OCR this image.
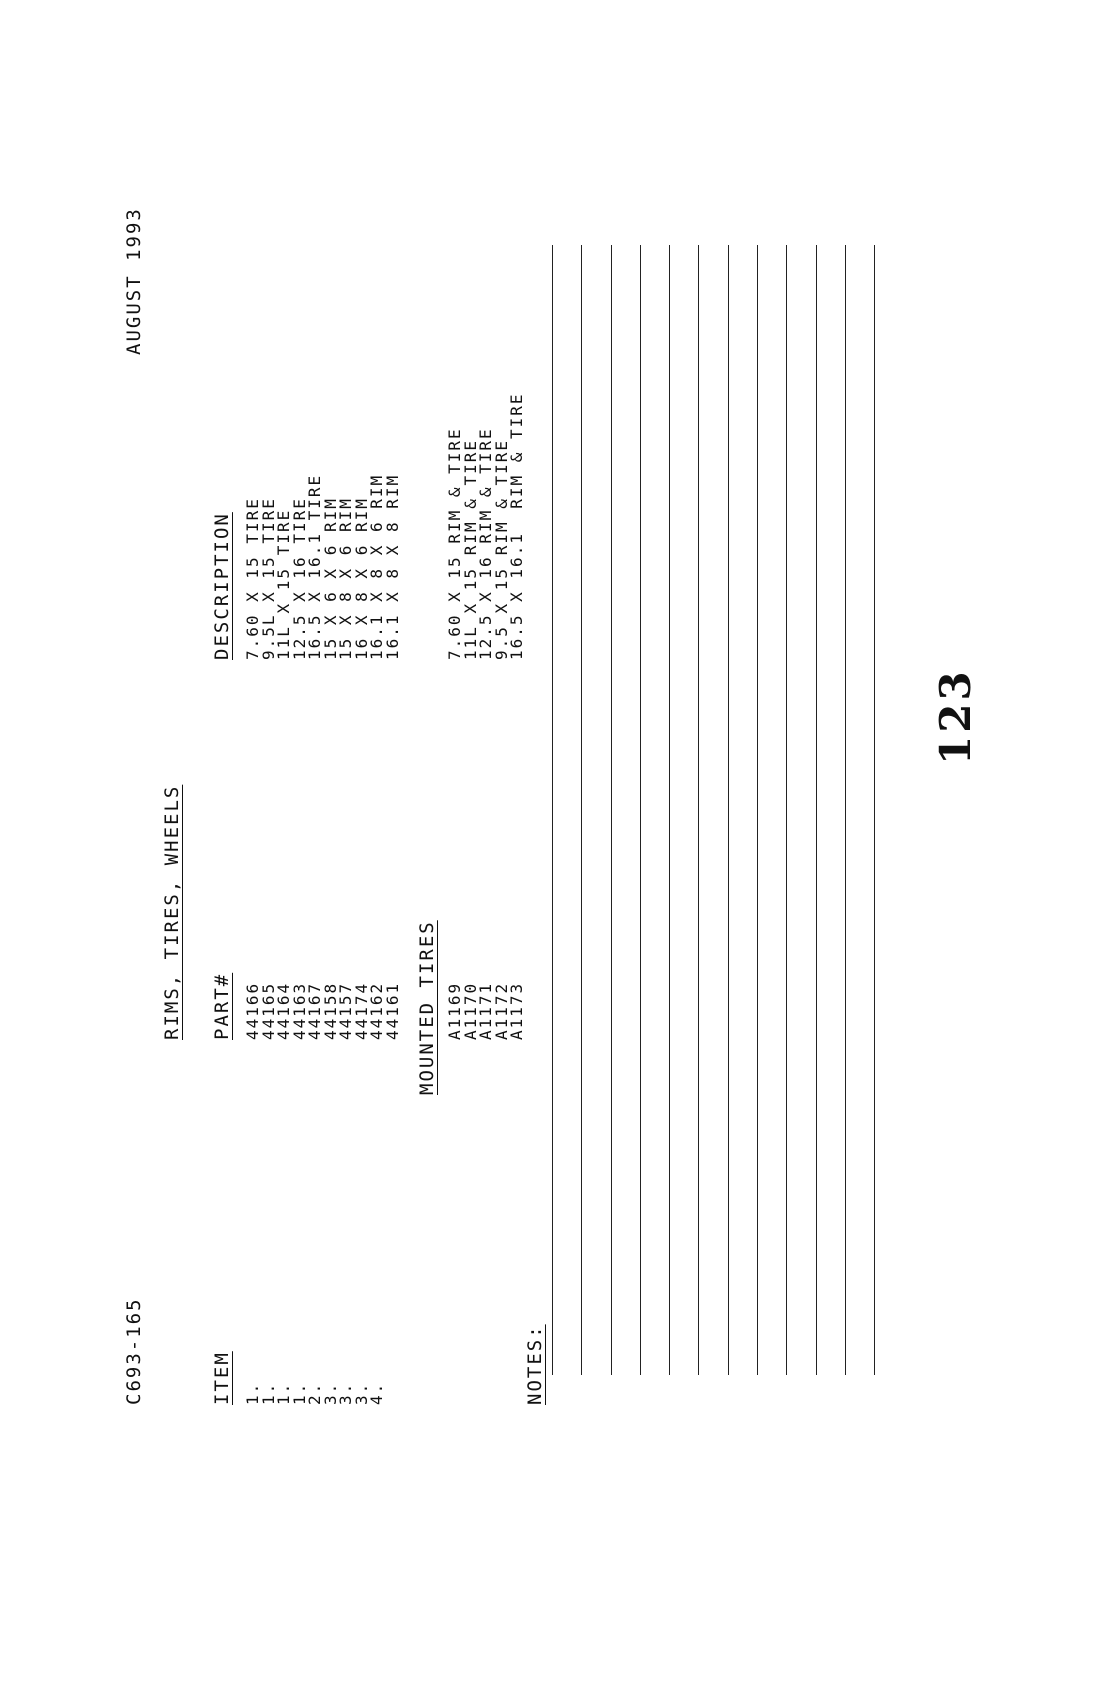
C693-165
AUGUST 1993
RIMS, TIRES, WHEELS
ITEM
PART#
DESCRIPTION
1.
1.
1.
1.
2.
3.
3.
3.
4.
44166
44165
44164
44163
44167
44158
44157
44174
44162
44161
7.60 X 15 TIRE
9.5L X 15 TIRE
11L X 15 TIRE
12.5 X 16 TIRE
16.5 X 16.1 TIRE
15 X 6 X 6 RIM
15 X 8 X 6 RIM
16 X 8 X 6 RIM
16.1 X 8 X 6 RIM
16.1 X 8 X 8 RIM
MOUNTED TIRES A1169
A1170
A1171
A1172
A1173
7.60 X 15 RIM & TIRE
11L X 15 RIM & TIRE
12.5 X 16 RIM & TIRE
9.5 X 15 RIM & TIRE
16.5 X 16.1  RIM & TIRE
NOTES:
123
